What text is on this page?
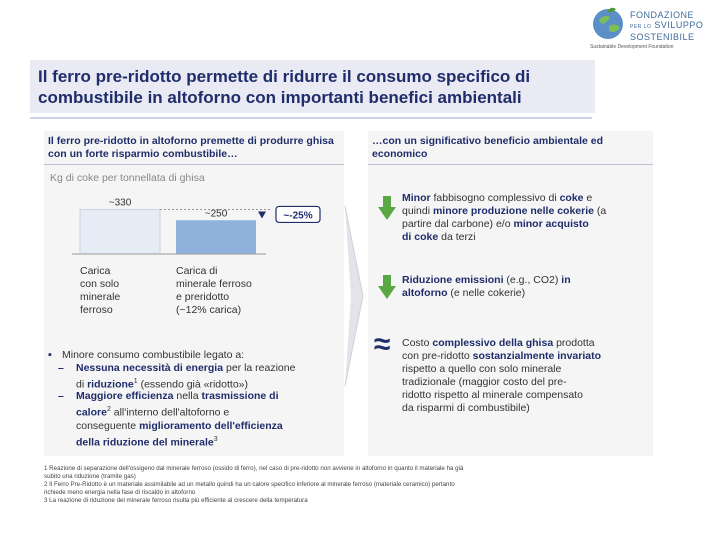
FONDAZIONE
PER LO SVILUPPO
SOSTENIBILE
Sustainable Development Foundation
Il ferro pre-ridotto permette di ridurre il consumo specifico di combustibile in altoforno con importanti benefici ambientali
Il ferro pre-ridotto in altoforno premette di produrre ghisa con un forte risparmio combustibile…
…con un significativo beneficio ambientale ed economico
Kg di coke per tonnellata di ghisa
~330
~250	~-25%
Carica
con solo
minerale
ferroso
Carica di
minerale ferroso
e preridotto
(~12% carica)
▪ Minore consumo combustibile legato a:
– Nessuna necessità di energia per la reazione
di riduzione$^1$ (essendo già «ridotto»)
– Maggiore efficienza nella trasmissione di
calore$^2$ all'interno dell'altoforno e
conseguente miglioramento dell'efficienza
della riduzione del minerale$^3$
Minor fabbisogno complessivo di coke e
quindi minore produzione nelle cokerie (a
partire dal carbone) e/o minor acquisto
di coke da terzi
Riduzione emissioni (e.g., CO2) in
altoforno (e nelle cokerie)
≈ Costo complessivo della ghisa prodotta
con pre-ridotto sostanzialmente invariato
rispetto a quello con solo minerale
tradizionale (maggior costo del pre-
ridotto rispetto al minerale compensato
da risparmi di combustibile)
1 Reazione di separazione dell'ossigeno dal minerale ferroso (ossido di ferro), nel caso di pre-ridotto non avviene in altoforno in quanto il materiale ha già
subito una riduzione (tramite gas)
2 Il Ferro Pre-Ridotto è un materiale assimilabile ad un metallo quindi ha un calore specifico inferiore al minerale ferroso (materiale ceramico) pertanto
richiede meno energia nella fase di riscaldo in altoforno
3 La reazione di riduzione del minerale ferroso risulta più efficiente al crescere della temperatura
